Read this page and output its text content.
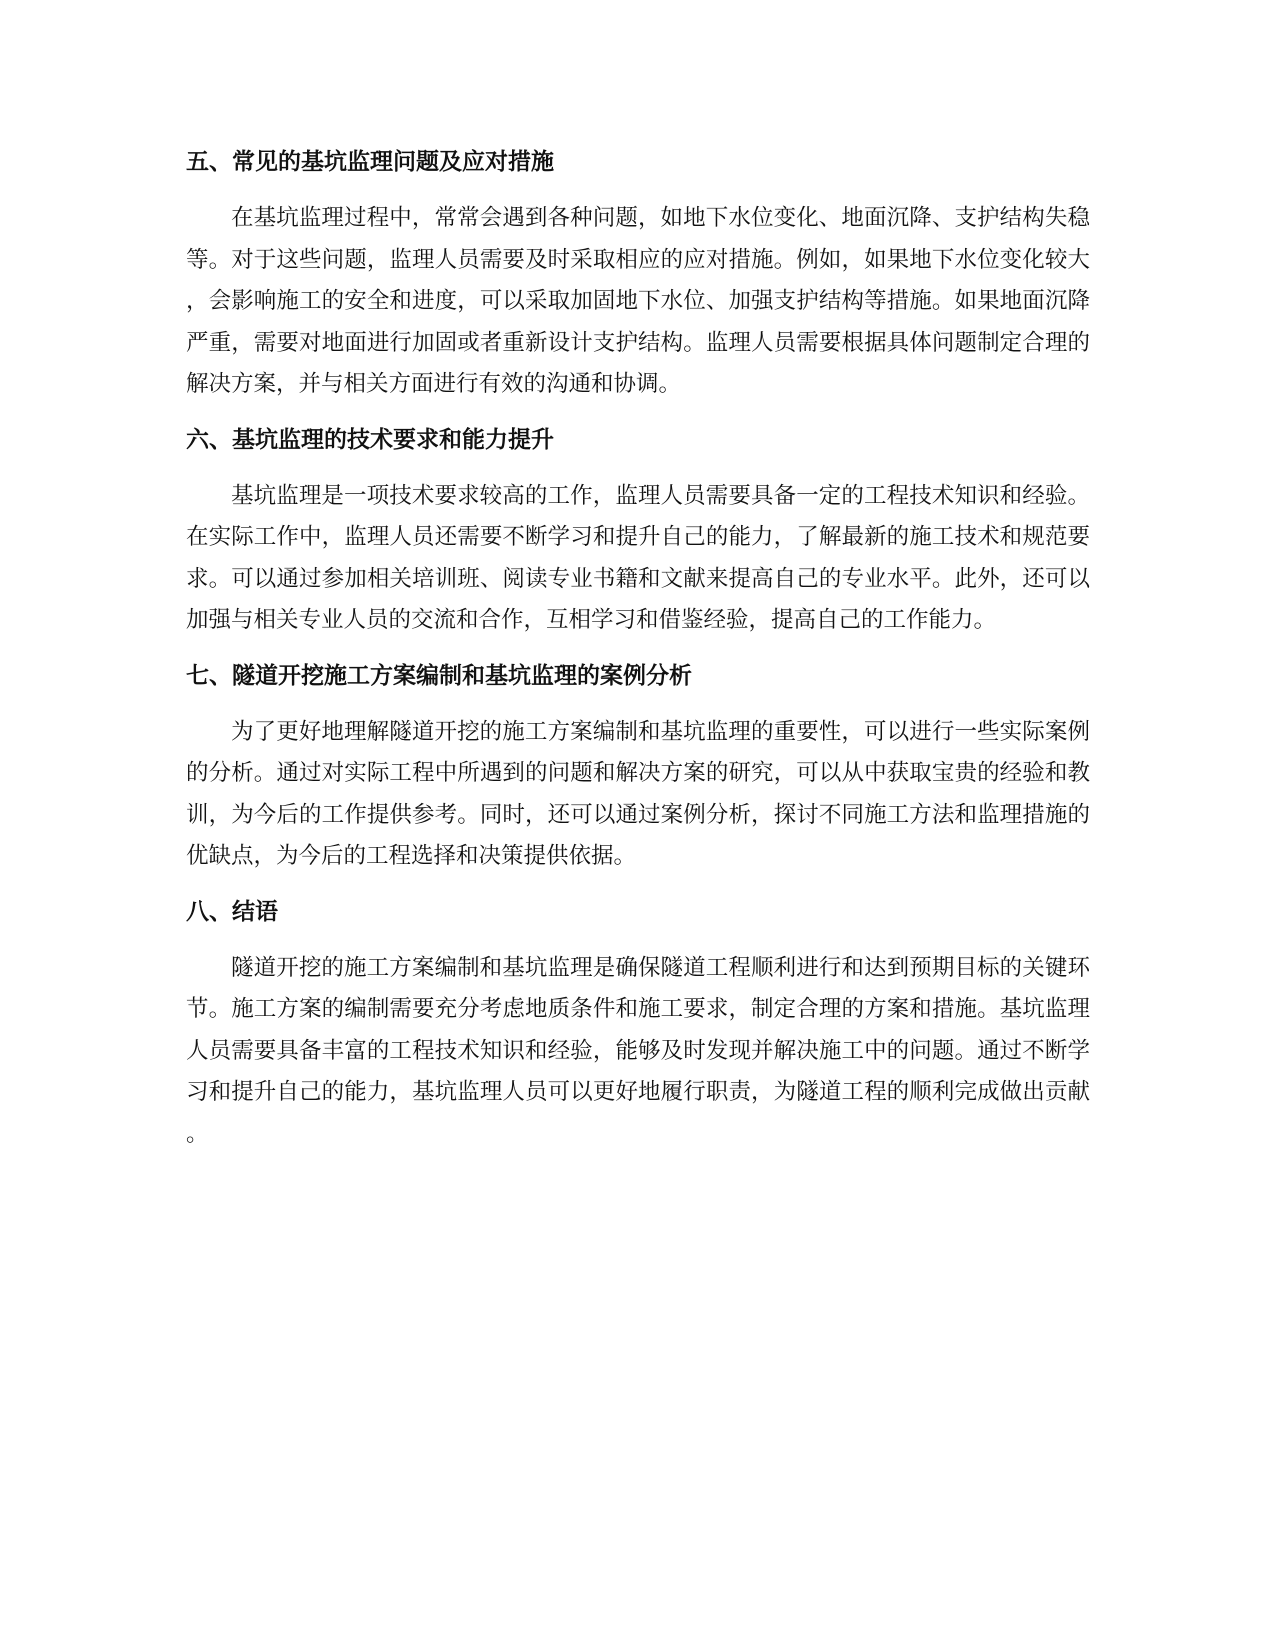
五、常见的基坑监理问题及应对措施

在基坑监理过程中，常常会遇到各种问题，如地下水位变化、地面沉降、支护结构失稳等。对于这些问题，监理人员需要及时采取相应的应对措施。例如，如果地下水位变化较大，会影响施工的安全和进度，可以采取加固地下水位、加强支护结构等措施。如果地面沉降严重，需要对地面进行加固或者重新设计支护结构。监理人员需要根据具体问题制定合理的解决方案，并与相关方面进行有效的沟通和协调。

六、基坑监理的技术要求和能力提升

基坑监理是一项技术要求较高的工作，监理人员需要具备一定的工程技术知识和经验。在实际工作中，监理人员还需要不断学习和提升自己的能力，了解最新的施工技术和规范要求。可以通过参加相关培训班、阅读专业书籍和文献来提高自己的专业水平。此外，还可以加强与相关专业人员的交流和合作，互相学习和借鉴经验，提高自己的工作能力。

七、隧道开挖施工方案编制和基坑监理的案例分析

为了更好地理解隧道开挖的施工方案编制和基坑监理的重要性，可以进行一些实际案例的分析。通过对实际工程中所遇到的问题和解决方案的研究，可以从中获取宝贵的经验和教训，为今后的工作提供参考。同时，还可以通过案例分析，探讨不同施工方法和监理措施的优缺点，为今后的工程选择和决策提供依据。

八、结语

隧道开挖的施工方案编制和基坑监理是确保隧道工程顺利进行和达到预期目标的关键环节。施工方案的编制需要充分考虑地质条件和施工要求，制定合理的方案和措施。基坑监理人员需要具备丰富的工程技术知识和经验，能够及时发现并解决施工中的问题。通过不断学习和提升自己的能力，基坑监理人员可以更好地履行职责，为隧道工程的顺利完成做出贡献。
